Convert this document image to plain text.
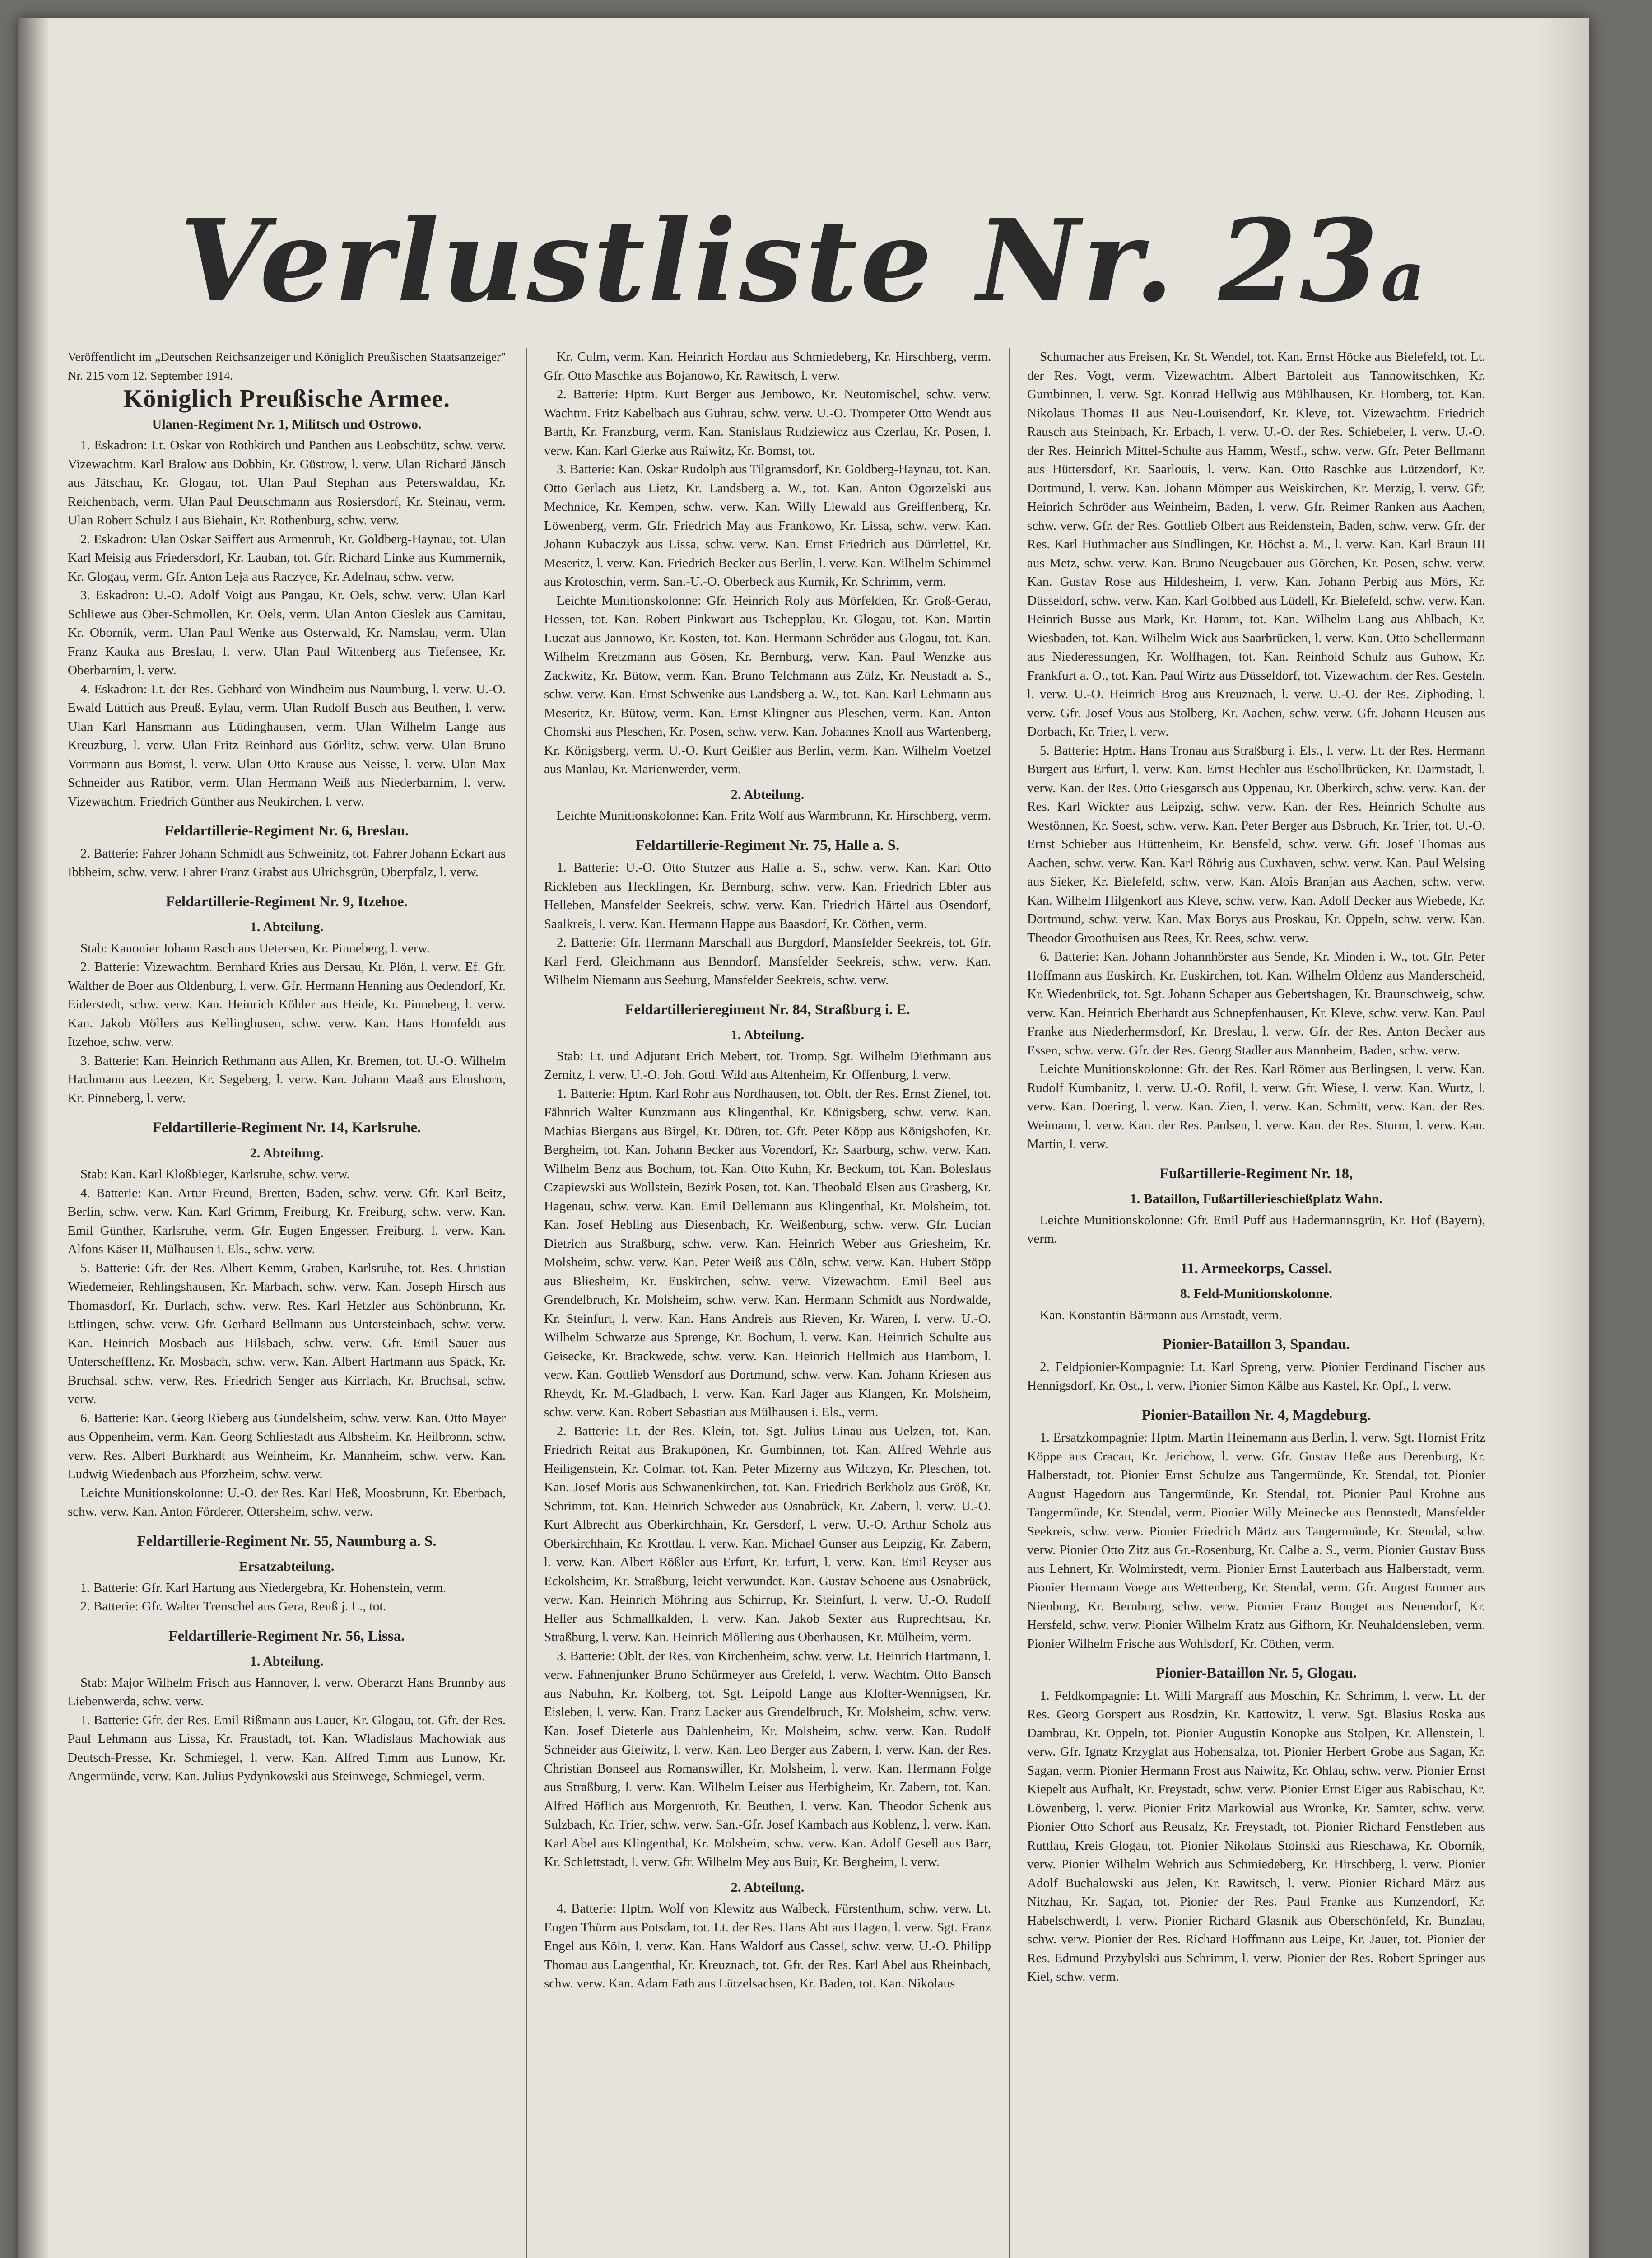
Verlustliste Nr. 23a

Veröffentlicht im „Deutschen Reichsanzeiger und Königlich Preußischen Staatsanzeiger" Nr. 215 vom 12. September 1914.

Königlich Preußische Armee.
Ulanen-Regiment Nr. 1, Militsch und Ostrowo.

1. Eskadron: Lt. Oskar von Rothkirch und Panthen aus Leobschütz, schw. verw. Vizewachtm. Karl Bralow aus Dobbin, Kr. Güstrow, l. verw. Ulan Richard Jänsch aus Jätschau, Kr. Glogau, tot. Ulan Paul Stephan aus Peterswaldau, Kr. Reichenbach, verm. Ulan Paul Deutschmann aus Rosiersdorf, Kr. Steinau, verm. Ulan Robert Schulz I aus Biehain, Kr. Rothenburg, schw. verw.

2. Eskadron: Ulan Oskar Seiffert aus Armenruh, Kr. Goldberg-Haynau, tot. Ulan Karl Meisig aus Friedersdorf, Kr. Lauban, tot. Gfr. Richard Linke aus Kummernik, Kr. Glogau, verm. Gfr. Anton Leja aus Raczyce, Kr. Adelnau, schw. verw.

3. Eskadron: U.-O. Adolf Voigt aus Pangau, Kr. Oels, schw. verw. Ulan Karl Schliewe aus Ober-Schmollen, Kr. Oels, verm. Ulan Anton Cieslek aus Carnitau, Kr. Oborník, verm. Ulan Paul Wenke aus Osterwald, Kr. Namslau, verm. Ulan Franz Kauka aus Breslau, l. verw. Ulan Paul Wittenberg aus Tiefensee, Kr. Oberbarnim, l. verw.

4. Eskadron: Lt. der Res. Gebhard von Windheim aus Naumburg, l. verw. U.-O. Ewald Lüttich aus Preuß. Eylau, verm. Ulan Rudolf Busch aus Beuthen, l. verw. Ulan Karl Hansmann aus Lüdinghausen, verm. Ulan Wilhelm Lange aus Kreuzburg, l. verw. Ulan Fritz Reinhard aus Görlitz, schw. verw. Ulan Bruno Vorrmann aus Bomst, l. verw. Ulan Otto Krause aus Neisse, l. verw. Ulan Max Schneider aus Ratibor, verm. Ulan Hermann Weiß aus Niederbarnim, l. verw. Vizewachtm. Friedrich Günther aus Neukirchen, l. verw.

Feldartillerie-Regiment Nr. 6, Breslau.

2. Batterie: Fahrer Johann Schmidt aus Schweinitz, tot. Fahrer Johann Eckart aus Ibbheim, schw. verw. Fahrer Franz Grabst aus Ulrichsgrün, Oberpfalz, l. verw.

Feldartillerie-Regiment Nr. 9, Itzehoe.
1. Abteilung.

Stab: Kanonier Johann Rasch aus Uetersen, Kr. Pinneberg, l. verw.

2. Batterie: Vizewachtm. Bernhard Kries aus Dersau, Kr. Plön, l. verw. Ef. Gfr. Walther de Boer aus Oldenburg, l. verw. Gfr. Hermann Henning aus Oedendorf, Kr. Eiderstedt, schw. verw. Kan. Heinrich Köhler aus Heide, Kr. Pinneberg, l. verw. Kan. Jakob Möllers aus Kellinghusen, schw. verw. Kan. Hans Homfeldt aus Itzehoe, schw. verw.

3. Batterie: Kan. Heinrich Rethmann aus Allen, Kr. Bremen, tot. U.-O. Wilhelm Hachmann aus Leezen, Kr. Segeberg, l. verw. Kan. Johann Maaß aus Elmshorn, Kr. Pinneberg, l. verw.

Feldartillerie-Regiment Nr. 14, Karlsruhe.
2. Abteilung.

Stab: Kan. Karl Kloßbieger, Karlsruhe, schw. verw.

4. Batterie: Kan. Artur Freund, Bretten, Baden, schw. verw. Gfr. Karl Beitz, Berlin, schw. verw. Kan. Karl Grimm, Freiburg, Kr. Freiburg, schw. verw. Kan. Emil Günther, Karlsruhe, verm. Gfr. Eugen Engesser, Freiburg, l. verw. Kan. Alfons Käser II, Mülhausen i. Els., schw. verw.

5. Batterie: Gfr. der Res. Albert Kemm, Graben, Karlsruhe, tot. Res. Christian Wiedemeier, Rehlingshausen, Kr. Marbach, schw. verw. Kan. Joseph Hirsch aus Thomasdorf, Kr. Durlach, schw. verw. Res. Karl Hetzler aus Schönbrunn, Kr. Ettlingen, schw. verw. Gfr. Gerhard Bellmann aus Untersteinbach, schw. verw. Kan. Heinrich Mosbach aus Hilsbach, schw. verw. Gfr. Emil Sauer aus Unterschefflenz, Kr. Mosbach, schw. verw. Kan. Albert Hartmann aus Späck, Kr. Bruchsal, schw. verw. Res. Friedrich Senger aus Kirrlach, Kr. Bruchsal, schw. verw.

6. Batterie: Kan. Georg Rieberg aus Gundelsheim, schw. verw. Kan. Otto Mayer aus Oppenheim, verm. Kan. Georg Schliestadt aus Albsheim, Kr. Heilbronn, schw. verw. Res. Albert Burkhardt aus Weinheim, Kr. Mannheim, schw. verw. Kan. Ludwig Wiedenbach aus Pforzheim, schw. verw.

Leichte Munitionskolonne: U.-O. der Res. Karl Heß, Moosbrunn, Kr. Eberbach, schw. verw. Kan. Anton Förderer, Ottersheim, schw. verw.

Feldartillerie-Regiment Nr. 55, Naumburg a. S.
Ersatzabteilung.

1. Batterie: Gfr. Karl Hartung aus Niedergebra, Kr. Hohenstein, verm.

2. Batterie: Gfr. Walter Trenschel aus Gera, Reuß j. L., tot.

Feldartillerie-Regiment Nr. 56, Lissa.
1. Abteilung.

Stab: Major Wilhelm Frisch aus Hannover, l. verw. Oberarzt Hans Brunnby aus Liebenwerda, schw. verw.

1. Batterie: Gfr. der Res. Emil Rißmann aus Lauer, Kr. Glogau, tot. Gfr. der Res. Paul Lehmann aus Lissa, Kr. Fraustadt, tot. Kan. Wladislaus Machowiak aus Deutsch-Presse, Kr. Schmiegel, l. verw. Kan. Alfred Timm aus Lunow, Kr. Angermünde, verw. Kan. Julius Pydynkowski aus Steinwege, Schmiegel, verm.

Kr. Culm, verm. Kan. Heinrich Hordau aus Schmiedeberg, Kr. Hirschberg, verm. Gfr. Otto Maschke aus Bojanowo, Kr. Rawitsch, l. verw.

2. Batterie: Hptm. Kurt Berger aus Jembowo, Kr. Neutomischel, schw. verw. Wachtm. Fritz Kabelbach aus Guhrau, schw. verw. U.-O. Trompeter Otto Wendt aus Barth, Kr. Franzburg, verm. Kan. Stanislaus Rudziewicz aus Czerlau, Kr. Posen, l. verw. Kan. Karl Gierke aus Raiwitz, Kr. Bomst, tot.

3. Batterie: Kan. Oskar Rudolph aus Tilgramsdorf, Kr. Goldberg-Haynau, tot. Kan. Otto Gerlach aus Lietz, Kr. Landsberg a. W., tot. Kan. Anton Ogorzelski aus Mechnice, Kr. Kempen, schw. verw. Kan. Willy Liewald aus Greiffenberg, Kr. Löwenberg, verm. Gfr. Friedrich May aus Frankowo, Kr. Lissa, schw. verw. Kan. Johann Kubaczyk aus Lissa, schw. verw. Kan. Ernst Friedrich aus Dürrlettel, Kr. Meseritz, l. verw. Kan. Friedrich Becker aus Berlin, l. verw. Kan. Wilhelm Schimmel aus Krotoschin, verm. San.-U.-O. Oberbeck aus Kurnik, Kr. Schrimm, verm.

Leichte Munitionskolonne: Gfr. Heinrich Roly aus Mörfelden, Kr. Groß-Gerau, Hessen, tot. Kan. Robert Pinkwart aus Tschepplau, Kr. Glogau, tot. Kan. Martin Luczat aus Jannowo, Kr. Kosten, tot. Kan. Hermann Schröder aus Glogau, tot. Kan. Wilhelm Kretzmann aus Gösen, Kr. Bernburg, verw. Kan. Paul Wenzke aus Zackwitz, Kr. Bütow, verm. Kan. Bruno Telchmann aus Zülz, Kr. Neustadt a. S., schw. verw. Kan. Ernst Schwenke aus Landsberg a. W., tot. Kan. Karl Lehmann aus Meseritz, Kr. Bütow, verm. Kan. Ernst Klingner aus Pleschen, verm. Kan. Anton Chomski aus Pleschen, Kr. Posen, schw. verw. Kan. Johannes Knoll aus Wartenberg, Kr. Königsberg, verm. U.-O. Kurt Geißler aus Berlin, verm. Kan. Wilhelm Voetzel aus Manlau, Kr. Marienwerder, verm.

2. Abteilung.

Leichte Munitionskolonne: Kan. Fritz Wolf aus Warmbrunn, Kr. Hirschberg, verm.

Feldartillerie-Regiment Nr. 75, Halle a. S.

1. Batterie: U.-O. Otto Stutzer aus Halle a. S., schw. verw. Kan. Karl Otto Rickleben aus Hecklingen, Kr. Bernburg, schw. verw. Kan. Friedrich Ebler aus Helleben, Mansfelder Seekreis, schw. verw. Kan. Friedrich Härtel aus Osendorf, Saalkreis, l. verw. Kan. Hermann Happe aus Baasdorf, Kr. Cöthen, verm.

2. Batterie: Gfr. Hermann Marschall aus Burgdorf, Mansfelder Seekreis, tot. Gfr. Karl Ferd. Gleichmann aus Benndorf, Mansfelder Seekreis, schw. verw. Kan. Wilhelm Niemann aus Seeburg, Mansfelder Seekreis, schw. verw.

Feldartillerieregiment Nr. 84, Straßburg i. E.
1. Abteilung.

Stab: Lt. und Adjutant Erich Mebert, tot. Tromp. Sgt. Wilhelm Diethmann aus Zernitz, l. verw. U.-O. Joh. Gottl. Wild aus Altenheim, Kr. Offenburg, l. verw.

1. Batterie: Hptm. Karl Rohr aus Nordhausen, tot. Oblt. der Res. Ernst Zienel, tot. Fähnrich Walter Kunzmann aus Klingenthal, Kr. Königsberg, schw. verw. Kan. Mathias Biergans aus Birgel, Kr. Düren, tot. Gfr. Peter Köpp aus Königshofen, Kr. Bergheim, tot. Kan. Johann Becker aus Vorendorf, Kr. Saarburg, schw. verw. Kan. Wilhelm Benz aus Bochum, tot. Kan. Otto Kuhn, Kr. Beckum, tot. Kan. Boleslaus Czapiewski aus Wollstein, Bezirk Posen, tot. Kan. Theobald Elsen aus Grasberg, Kr. Hagenau, schw. verw. Kan. Emil Dellemann aus Klingenthal, Kr. Molsheim, tot. Kan. Josef Hebling aus Diesenbach, Kr. Weißenburg, schw. verw. Gfr. Lucian Dietrich aus Straßburg, schw. verw. Kan. Heinrich Weber aus Griesheim, Kr. Molsheim, schw. verw. Kan. Peter Weiß aus Cöln, schw. verw. Kan. Hubert Stöpp aus Bliesheim, Kr. Euskirchen, schw. verw. Vizewachtm. Emil Beel aus Grendelbruch, Kr. Molsheim, schw. verw. Kan. Hermann Schmidt aus Nordwalde, Kr. Steinfurt, l. verw. Kan. Hans Andreis aus Rieven, Kr. Waren, l. verw. U.-O. Wilhelm Schwarze aus Sprenge, Kr. Bochum, l. verw. Kan. Heinrich Schulte aus Geisecke, Kr. Brackwede, schw. verw. Kan. Heinrich Hellmich aus Hamborn, l. verw. Kan. Gottlieb Wensdorf aus Dortmund, schw. verw. Kan. Johann Kriesen aus Rheydt, Kr. M.-Gladbach, l. verw. Kan. Karl Jäger aus Klangen, Kr. Molsheim, schw. verw. Kan. Robert Sebastian aus Mülhausen i. Els., verm.

2. Batterie: Lt. der Res. Klein, tot. Sgt. Julius Linau aus Uelzen, tot. Kan. Friedrich Reitat aus Brakupönen, Kr. Gumbinnen, tot. Kan. Alfred Wehrle aus Heiligenstein, Kr. Colmar, tot. Kan. Peter Mizerny aus Wilczyn, Kr. Pleschen, tot. Kan. Josef Moris aus Schwanenkirchen, tot. Kan. Friedrich Berkholz aus Größ, Kr. Schrimm, tot. Kan. Heinrich Schweder aus Osnabrück, Kr. Zabern, l. verw. U.-O. Kurt Albrecht aus Oberkirchhain, Kr. Gersdorf, l. verw. U.-O. Arthur Scholz aus Oberkirchhain, Kr. Krottlau, l. verw. Kan. Michael Gunser aus Leipzig, Kr. Zabern, l. verw. Kan. Albert Rößler aus Erfurt, Kr. Erfurt, l. verw. Kan. Emil Reyser aus Eckolsheim, Kr. Straßburg, leicht verwundet. Kan. Gustav Schoene aus Osnabrück, verw. Kan. Heinrich Möhring aus Schirrup, Kr. Steinfurt, l. verw. U.-O. Rudolf Heller aus Schmallkalden, l. verw. Kan. Jakob Sexter aus Ruprechtsau, Kr. Straßburg, l. verw. Kan. Heinrich Möllering aus Oberhausen, Kr. Mülheim, verm.

3. Batterie: Oblt. der Res. von Kirchenheim, schw. verw. Lt. Heinrich Hartmann, l. verw. Fahnenjunker Bruno Schürmeyer aus Crefeld, l. verw. Wachtm. Otto Bansch aus Nabuhn, Kr. Kolberg, tot. Sgt. Leipold Lange aus Klofter-Wennigsen, Kr. Eisleben, l. verw. Kan. Franz Lacker aus Grendelbruch, Kr. Molsheim, schw. verw. Kan. Josef Dieterle aus Dahlenheim, Kr. Molsheim, schw. verw. Kan. Rudolf Schneider aus Gleiwitz, l. verw. Kan. Leo Berger aus Zabern, l. verw. Kan. der Res. Christian Bonseel aus Romanswiller, Kr. Molsheim, l. verw. Kan. Hermann Folge aus Straßburg, l. verw. Kan. Wilhelm Leiser aus Herbigheim, Kr. Zabern, tot. Kan. Alfred Höflich aus Morgenroth, Kr. Beuthen, l. verw. Kan. Theodor Schenk aus Sulzbach, Kr. Trier, schw. verw. San.-Gfr. Josef Kambach aus Koblenz, l. verw. Kan. Karl Abel aus Klingenthal, Kr. Molsheim, schw. verw. Kan. Adolf Gesell aus Barr, Kr. Schlettstadt, l. verw. Gfr. Wilhelm Mey aus Buir, Kr. Bergheim, l. verw.

2. Abteilung.

4. Batterie: Hptm. Wolf von Klewitz aus Walbeck, Fürstenthum, schw. verw. Lt. Eugen Thürm aus Potsdam, tot. Lt. der Res. Hans Abt aus Hagen, l. verw. Sgt. Franz Engel aus Köln, l. verw. Kan. Hans Waldorf aus Cassel, schw. verw. U.-O. Philipp Thomau aus Langenthal, Kr. Kreuznach, tot. Gfr. der Res. Karl Abel aus Rheinbach, schw. verw. Kan. Adam Fath aus Lützelsachsen, Kr. Baden, tot. Kan. Nikolaus

Schumacher aus Freisen, Kr. St. Wendel, tot. Kan. Ernst Höcke aus Bielefeld, tot. Lt. der Res. Vogt, verm. Vizewachtm. Albert Bartoleit aus Tannowitschken, Kr. Gumbinnen, l. verw. Sgt. Konrad Hellwig aus Mühlhausen, Kr. Homberg, tot. Kan. Nikolaus Thomas II aus Neu-Louisendorf, Kr. Kleve, tot. Vizewachtm. Friedrich Rausch aus Steinbach, Kr. Erbach, l. verw. U.-O. der Res. Schiebeler, l. verw. U.-O. der Res. Heinrich Mittel-Schulte aus Hamm, Westf., schw. verw. Gfr. Peter Bellmann aus Hüttersdorf, Kr. Saarlouis, l. verw. Kan. Otto Raschke aus Lützendorf, Kr. Dortmund, l. verw. Kan. Johann Mömper aus Weiskirchen, Kr. Merzig, l. verw. Gfr. Heinrich Schröder aus Weinheim, Baden, l. verw. Gfr. Reimer Ranken aus Aachen, schw. verw. Gfr. der Res. Gottlieb Olbert aus Reidenstein, Baden, schw. verw. Gfr. der Res. Karl Huthmacher aus Sindlingen, Kr. Höchst a. M., l. verw. Kan. Karl Braun III aus Metz, schw. verw. Kan. Bruno Neugebauer aus Görchen, Kr. Posen, schw. verw. Kan. Gustav Rose aus Hildesheim, l. verw. Kan. Johann Perbig aus Mörs, Kr. Düsseldorf, schw. verw. Kan. Karl Golbbed aus Lüdell, Kr. Bielefeld, schw. verw. Kan. Heinrich Busse aus Mark, Kr. Hamm, tot. Kan. Wilhelm Lang aus Ahlbach, Kr. Wiesbaden, tot. Kan. Wilhelm Wick aus Saarbrücken, l. verw. Kan. Otto Schellermann aus Niederessungen, Kr. Wolfhagen, tot. Kan. Reinhold Schulz aus Guhow, Kr. Frankfurt a. O., tot. Kan. Paul Wirtz aus Düsseldorf, tot. Vizewachtm. der Res. Gesteln, l. verw. U.-O. Heinrich Brog aus Kreuznach, l. verw. U.-O. der Res. Ziphoding, l. verw. Gfr. Josef Vous aus Stolberg, Kr. Aachen, schw. verw. Gfr. Johann Heusen aus Dorbach, Kr. Trier, l. verw.

5. Batterie: Hptm. Hans Tronau aus Straßburg i. Els., l. verw. Lt. der Res. Hermann Burgert aus Erfurt, l. verw. Kan. Ernst Hechler aus Eschollbrücken, Kr. Darmstadt, l. verw. Kan. der Res. Otto Giesgarsch aus Oppenau, Kr. Oberkirch, schw. verw. Kan. der Res. Karl Wickter aus Leipzig, schw. verw. Kan. der Res. Heinrich Schulte aus Westönnen, Kr. Soest, schw. verw. Kan. Peter Berger aus Dsbruch, Kr. Trier, tot. U.-O. Ernst Schieber aus Hüttenheim, Kr. Bensfeld, schw. verw. Gfr. Josef Thomas aus Aachen, schw. verw. Kan. Karl Röhrig aus Cuxhaven, schw. verw. Kan. Paul Welsing aus Sieker, Kr. Bielefeld, schw. verw. Kan. Alois Branjan aus Aachen, schw. verw. Kan. Wilhelm Hilgenkorf aus Kleve, schw. verw. Kan. Adolf Decker aus Wiebede, Kr. Dortmund, schw. verw. Kan. Max Borys aus Proskau, Kr. Oppeln, schw. verw. Kan. Theodor Groothuisen aus Rees, Kr. Rees, schw. verw.

6. Batterie: Kan. Johann Johannhörster aus Sende, Kr. Minden i. W., tot. Gfr. Peter Hoffmann aus Euskirch, Kr. Euskirchen, tot. Kan. Wilhelm Oldenz aus Manderscheid, Kr. Wiedenbrück, tot. Sgt. Johann Schaper aus Gebertshagen, Kr. Braunschweig, schw. verw. Kan. Heinrich Eberhardt aus Schnepfenhausen, Kr. Kleve, schw. verw. Kan. Paul Franke aus Niederhermsdorf, Kr. Breslau, l. verw. Gfr. der Res. Anton Becker aus Essen, schw. verw. Gfr. der Res. Georg Stadler aus Mannheim, Baden, schw. verw.

Leichte Munitionskolonne: Gfr. der Res. Karl Römer aus Berlingsen, l. verw. Kan. Rudolf Kumbanitz, l. verw. U.-O. Rofil, l. verw. Gfr. Wiese, l. verw. Kan. Wurtz, l. verw. Kan. Doering, l. verw. Kan. Zien, l. verw. Kan. Schmitt, verw. Kan. der Res. Weimann, l. verw. Kan. der Res. Paulsen, l. verw. Kan. der Res. Sturm, l. verw. Kan. Martin, l. verw.

Fußartillerie-Regiment Nr. 18,
1. Bataillon, Fußartillerieschießplatz Wahn.

Leichte Munitionskolonne: Gfr. Emil Puff aus Hadermannsgrün, Kr. Hof (Bayern), verm.

11. Armeekorps, Cassel.
8. Feld-Munitionskolonne.

Kan. Konstantin Bärmann aus Arnstadt, verm.

Pionier-Bataillon 3, Spandau.

2. Feldpionier-Kompagnie: Lt. Karl Spreng, verw. Pionier Ferdinand Fischer aus Hennigsdorf, Kr. Ost., l. verw. Pionier Simon Kälbe aus Kastel, Kr. Opf., l. verw.

Pionier-Bataillon Nr. 4, Magdeburg.

1. Ersatzkompagnie: Hptm. Martin Heinemann aus Berlin, l. verw. Sgt. Hornist Fritz Köppe aus Cracau, Kr. Jerichow, l. verw. Gfr. Gustav Heße aus Derenburg, Kr. Halberstadt, tot. Pionier Ernst Schulze aus Tangermünde, Kr. Stendal, tot. Pionier August Hagedorn aus Tangermünde, Kr. Stendal, tot. Pionier Paul Krohne aus Tangermünde, Kr. Stendal, verm. Pionier Willy Meinecke aus Bennstedt, Mansfelder Seekreis, schw. verw. Pionier Friedrich Märtz aus Tangermünde, Kr. Stendal, schw. verw. Pionier Otto Zitz aus Gr.-Rosenburg, Kr. Calbe a. S., verm. Pionier Gustav Buss aus Lehnert, Kr. Wolmirstedt, verm. Pionier Ernst Lauterbach aus Halberstadt, verm. Pionier Hermann Voege aus Wettenberg, Kr. Stendal, verm. Gfr. August Emmer aus Nienburg, Kr. Bernburg, schw. verw. Pionier Franz Bouget aus Neuendorf, Kr. Hersfeld, schw. verw. Pionier Wilhelm Kratz aus Gifhorn, Kr. Neuhaldensleben, verm. Pionier Wilhelm Frische aus Wohlsdorf, Kr. Cöthen, verm.

Pionier-Bataillon Nr. 5, Glogau.

1. Feldkompagnie: Lt. Willi Margraff aus Moschin, Kr. Schrimm, l. verw. Lt. der Res. Georg Gorspert aus Rosdzin, Kr. Kattowitz, l. verw. Sgt. Blasius Roska aus Dambrau, Kr. Oppeln, tot. Pionier Augustin Konopke aus Stolpen, Kr. Allenstein, l. verw. Gfr. Ignatz Krzyglat aus Hohensalza, tot. Pionier Herbert Grobe aus Sagan, Kr. Sagan, verm. Pionier Hermann Frost aus Naiwitz, Kr. Ohlau, schw. verw. Pionier Ernst Kiepelt aus Aufhalt, Kr. Freystadt, schw. verw. Pionier Ernst Eiger aus Rabischau, Kr. Löwenberg, l. verw. Pionier Fritz Markowial aus Wronke, Kr. Samter, schw. verw. Pionier Otto Schorf aus Reusalz, Kr. Freystadt, tot. Pionier Richard Fenstleben aus Ruttlau, Kreis Glogau, tot. Pionier Nikolaus Stoinski aus Rieschawa, Kr. Oborník, verw. Pionier Wilhelm Wehrich aus Schmiedeberg, Kr. Hirschberg, l. verw. Pionier Adolf Buchalowski aus Jelen, Kr. Rawitsch, l. verw. Pionier Richard März aus Nitzhau, Kr. Sagan, tot. Pionier der Res. Paul Franke aus Kunzendorf, Kr. Habelschwerdt, l. verw. Pionier Richard Glasnik aus Oberschönfeld, Kr. Bunzlau, schw. verw. Pionier der Res. Richard Hoffmann aus Leipe, Kr. Jauer, tot. Pionier der Res. Edmund Przybylski aus Schrimm, l. verw. Pionier der Res. Robert Springer aus Kiel, schw. verm.
